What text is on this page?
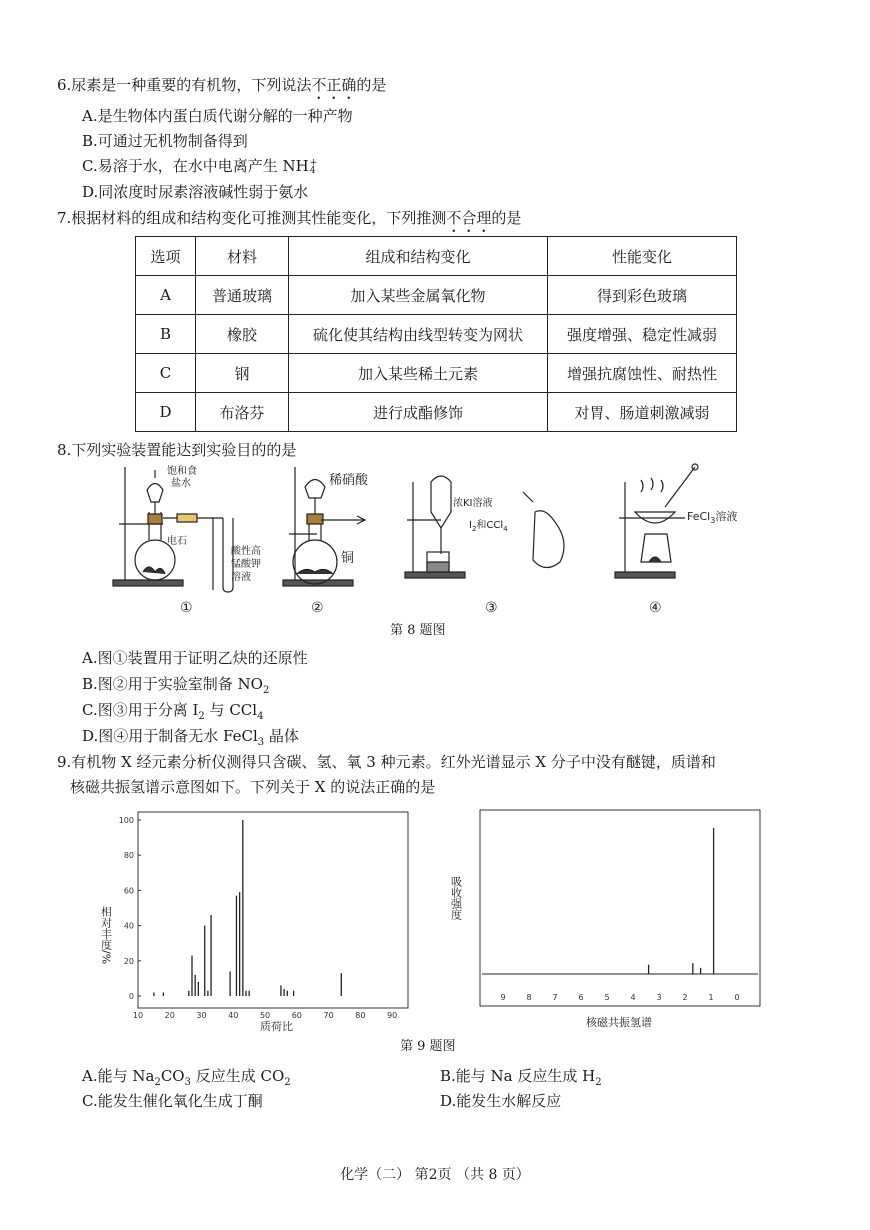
6.尿素是一种重要的有机物，下列说法不正确的是
A.是生物体内蛋白质代谢分解的一种产物
B.可通过无机物制备得到
C.易溶于水，在水中电离产生 NH +
4
D.同浓度时尿素溶液碱性弱于氨水
7.根据材料的组成和结构变化可推测其性能变化，下列推测不合理的是
选项	材料	组成和结构变化	性能变化
A	普通玻璃	加入某些金属氧化物	得到彩色玻璃
B	橡胶	硫化使其结构由线型转变为网状	强度增强、稳定性减弱
C	钢	加入某些稀土元素	增强抗腐蚀性、耐热性
D	布洛芬	进行成酯修饰	对胃、肠道刺激减弱
8.下列实验装置能达到实验目的的是
饱和食
盐水
电石
酸性高
锰酸钾
溶液
稀硝酸
铜
浓KI溶液
$I_2$和CCl$_4$
FeCl$_3$溶液
①	②	③	④
第 8 题图
A.图①装置用于证明乙炔的还原性
B.图②用于实验室制备 $NO_2$
C.图③用于分离 $I_2$ 与 CCl$_4$
D.图④用于制备无水 FeCl$_3$ 晶体
9.有机物 X 经元素分析仪测得只含碳、氢、氧 3 种元素。红外光谱显示 X 分子中没有醚键，质谱和
核磁共振氢谱示意图如下。下列关于 X 的说法正确的是
100
80
60
40
20
0
10	20	30	40	50	60	70	80	90
相对丰度/%
质荷比
9	8	7	6	5	4	3	2	1	0
吸收强度
核磁共振氢谱
第 9 题图
A.能与 $Na_2CO_3$ 反应生成 $CO_2$	B.能与 Na 反应生成 $H_2$
C.能发生催化氧化生成丁酮	D.能发生水解反应
化学（二） 第2页 （共 8 页）
